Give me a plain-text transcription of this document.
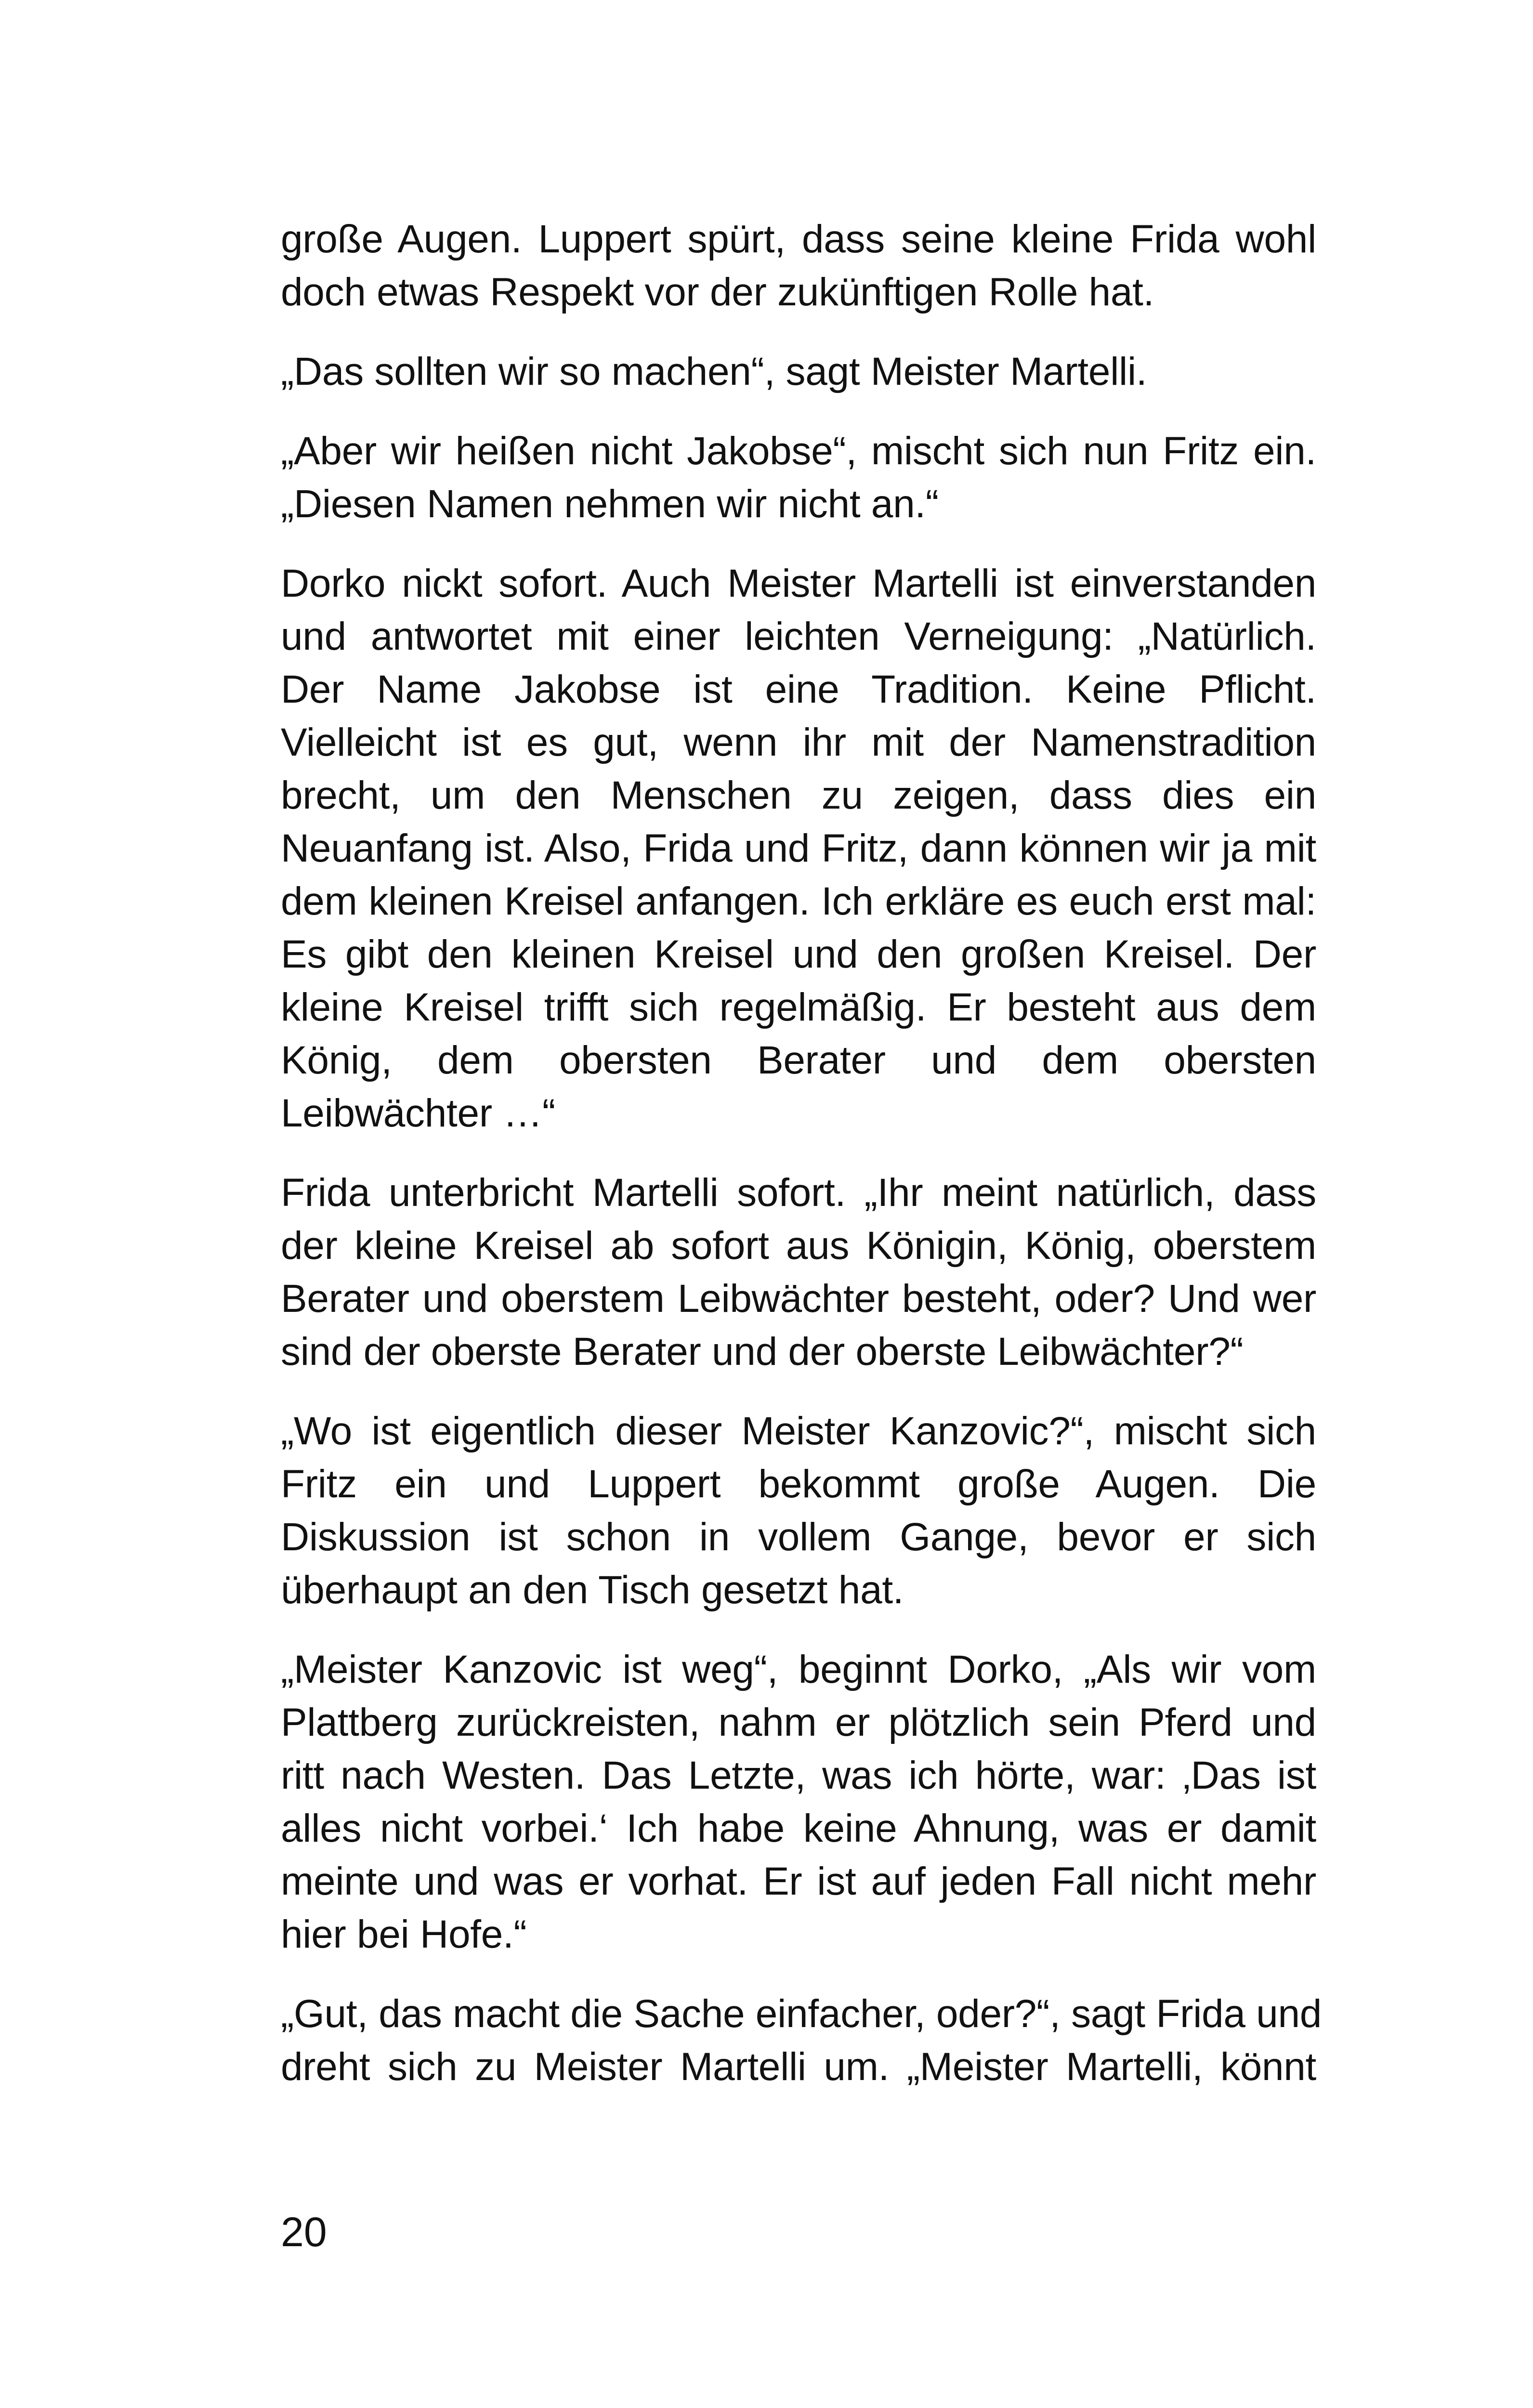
große Augen. Luppert spürt, dass seine kleine Frida wohl
doch etwas Respekt vor der zukünftigen Rolle hat.

„Das sollten wir so machen“, sagt Meister Martelli.

„Aber wir heißen nicht Jakobse“, mischt sich nun Fritz ein.
„Diesen Namen nehmen wir nicht an.“

Dorko nickt sofort. Auch Meister Martelli ist einverstanden
und antwortet mit einer leichten Verneigung: „Natürlich.
Der Name Jakobse ist eine Tradition. Keine Pflicht.
Vielleicht ist es gut, wenn ihr mit der Namenstradition
brecht, um den Menschen zu zeigen, dass dies ein
Neuanfang ist. Also, Frida und Fritz, dann können wir ja mit
dem kleinen Kreisel anfangen. Ich erkläre es euch erst mal:
Es gibt den kleinen Kreisel und den großen Kreisel. Der
kleine Kreisel trifft sich regelmäßig. Er besteht aus dem
König, dem obersten Berater und dem obersten
Leibwächter …“

Frida unterbricht Martelli sofort. „Ihr meint natürlich, dass
der kleine Kreisel ab sofort aus Königin, König, oberstem
Berater und oberstem Leibwächter besteht, oder? Und wer
sind der oberste Berater und der oberste Leibwächter?“

„Wo ist eigentlich dieser Meister Kanzovic?“, mischt sich
Fritz ein und Luppert bekommt große Augen. Die
Diskussion ist schon in vollem Gange, bevor er sich
überhaupt an den Tisch gesetzt hat.

„Meister Kanzovic ist weg“, beginnt Dorko, „Als wir vom
Plattberg zurückreisten, nahm er plötzlich sein Pferd und
ritt nach Westen. Das Letzte, was ich hörte, war: ‚Das ist
alles nicht vorbei.‘ Ich habe keine Ahnung, was er damit
meinte und was er vorhat. Er ist auf jeden Fall nicht mehr
hier bei Hofe.“

„Gut, das macht die Sache einfacher, oder?“, sagt Frida und
dreht sich zu Meister Martelli um. „Meister Martelli, könnt

20
